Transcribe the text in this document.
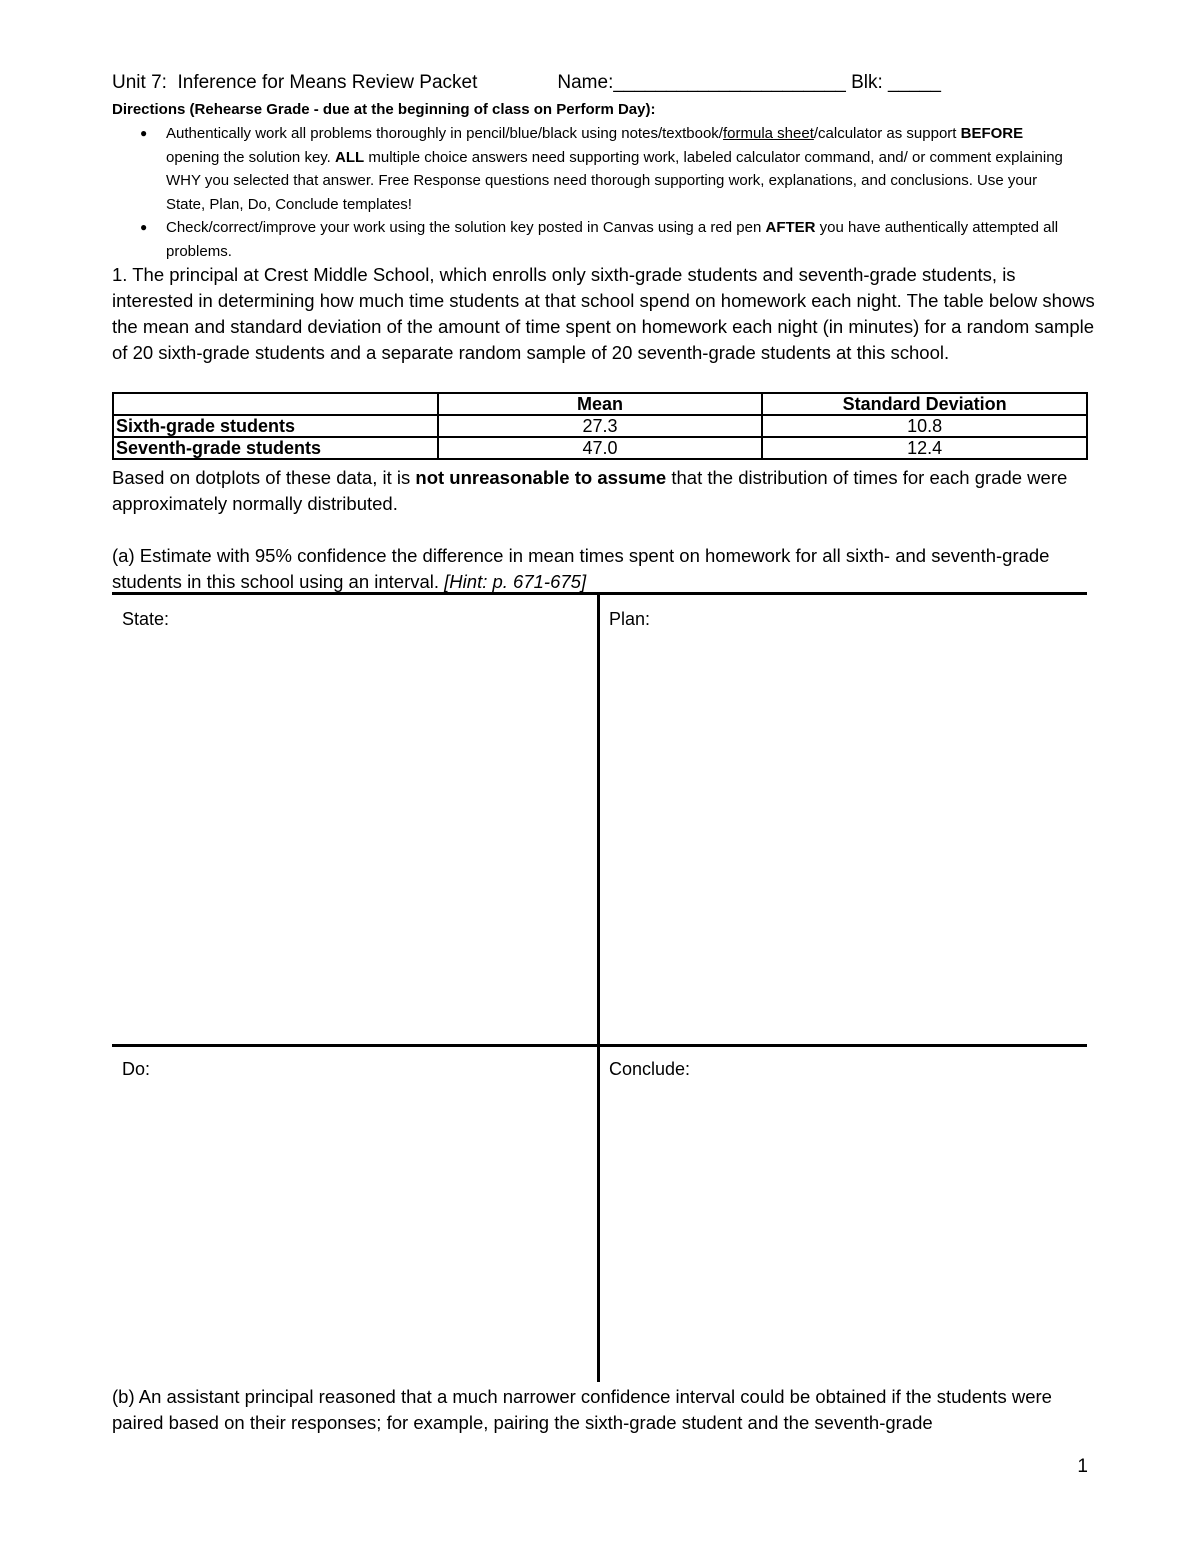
Unit 7:  Inference for Means Review Packet	Name:______________________ Blk: _____
Directions (Rehearse Grade - due at the beginning of class on Perform Day):
● Authentically work all problems thoroughly in pencil/blue/black using notes/textbook/formula sheet/calculator as support BEFORE opening the solution key. ALL multiple choice answers need supporting work, labeled calculator command, and/ or comment explaining WHY you selected that answer. Free Response questions need thorough supporting work, explanations, and conclusions. Use your State, Plan, Do, Conclude templates!
● Check/correct/improve your work using the solution key posted in Canvas using a red pen AFTER you have authentically attempted all problems.
1. The principal at Crest Middle School, which enrolls only sixth-grade students and seventh-grade students, is interested in determining how much time students at that school spend on homework each night. The table below shows the mean and standard deviation of the amount of time spent on homework each night (in minutes) for a random sample of 20 sixth-grade students and a separate random sample of 20 seventh-grade students at this school.
	Mean	Standard Deviation
Sixth-grade students	27.3	10.8
Seventh-grade students	47.0	12.4
Based on dotplots of these data, it is not unreasonable to assume that the distribution of times for each grade were approximately normally distributed.
(a) Estimate with 95% confidence the difference in mean times spent on homework for all sixth- and seventh-grade students in this school using an interval. [Hint: p. 671-675]
State:	Plan:
Do:	Conclude:
(b) An assistant principal reasoned that a much narrower confidence interval could be obtained if the students were paired based on their responses; for example, pairing the sixth-grade student and the seventh-grade
1
